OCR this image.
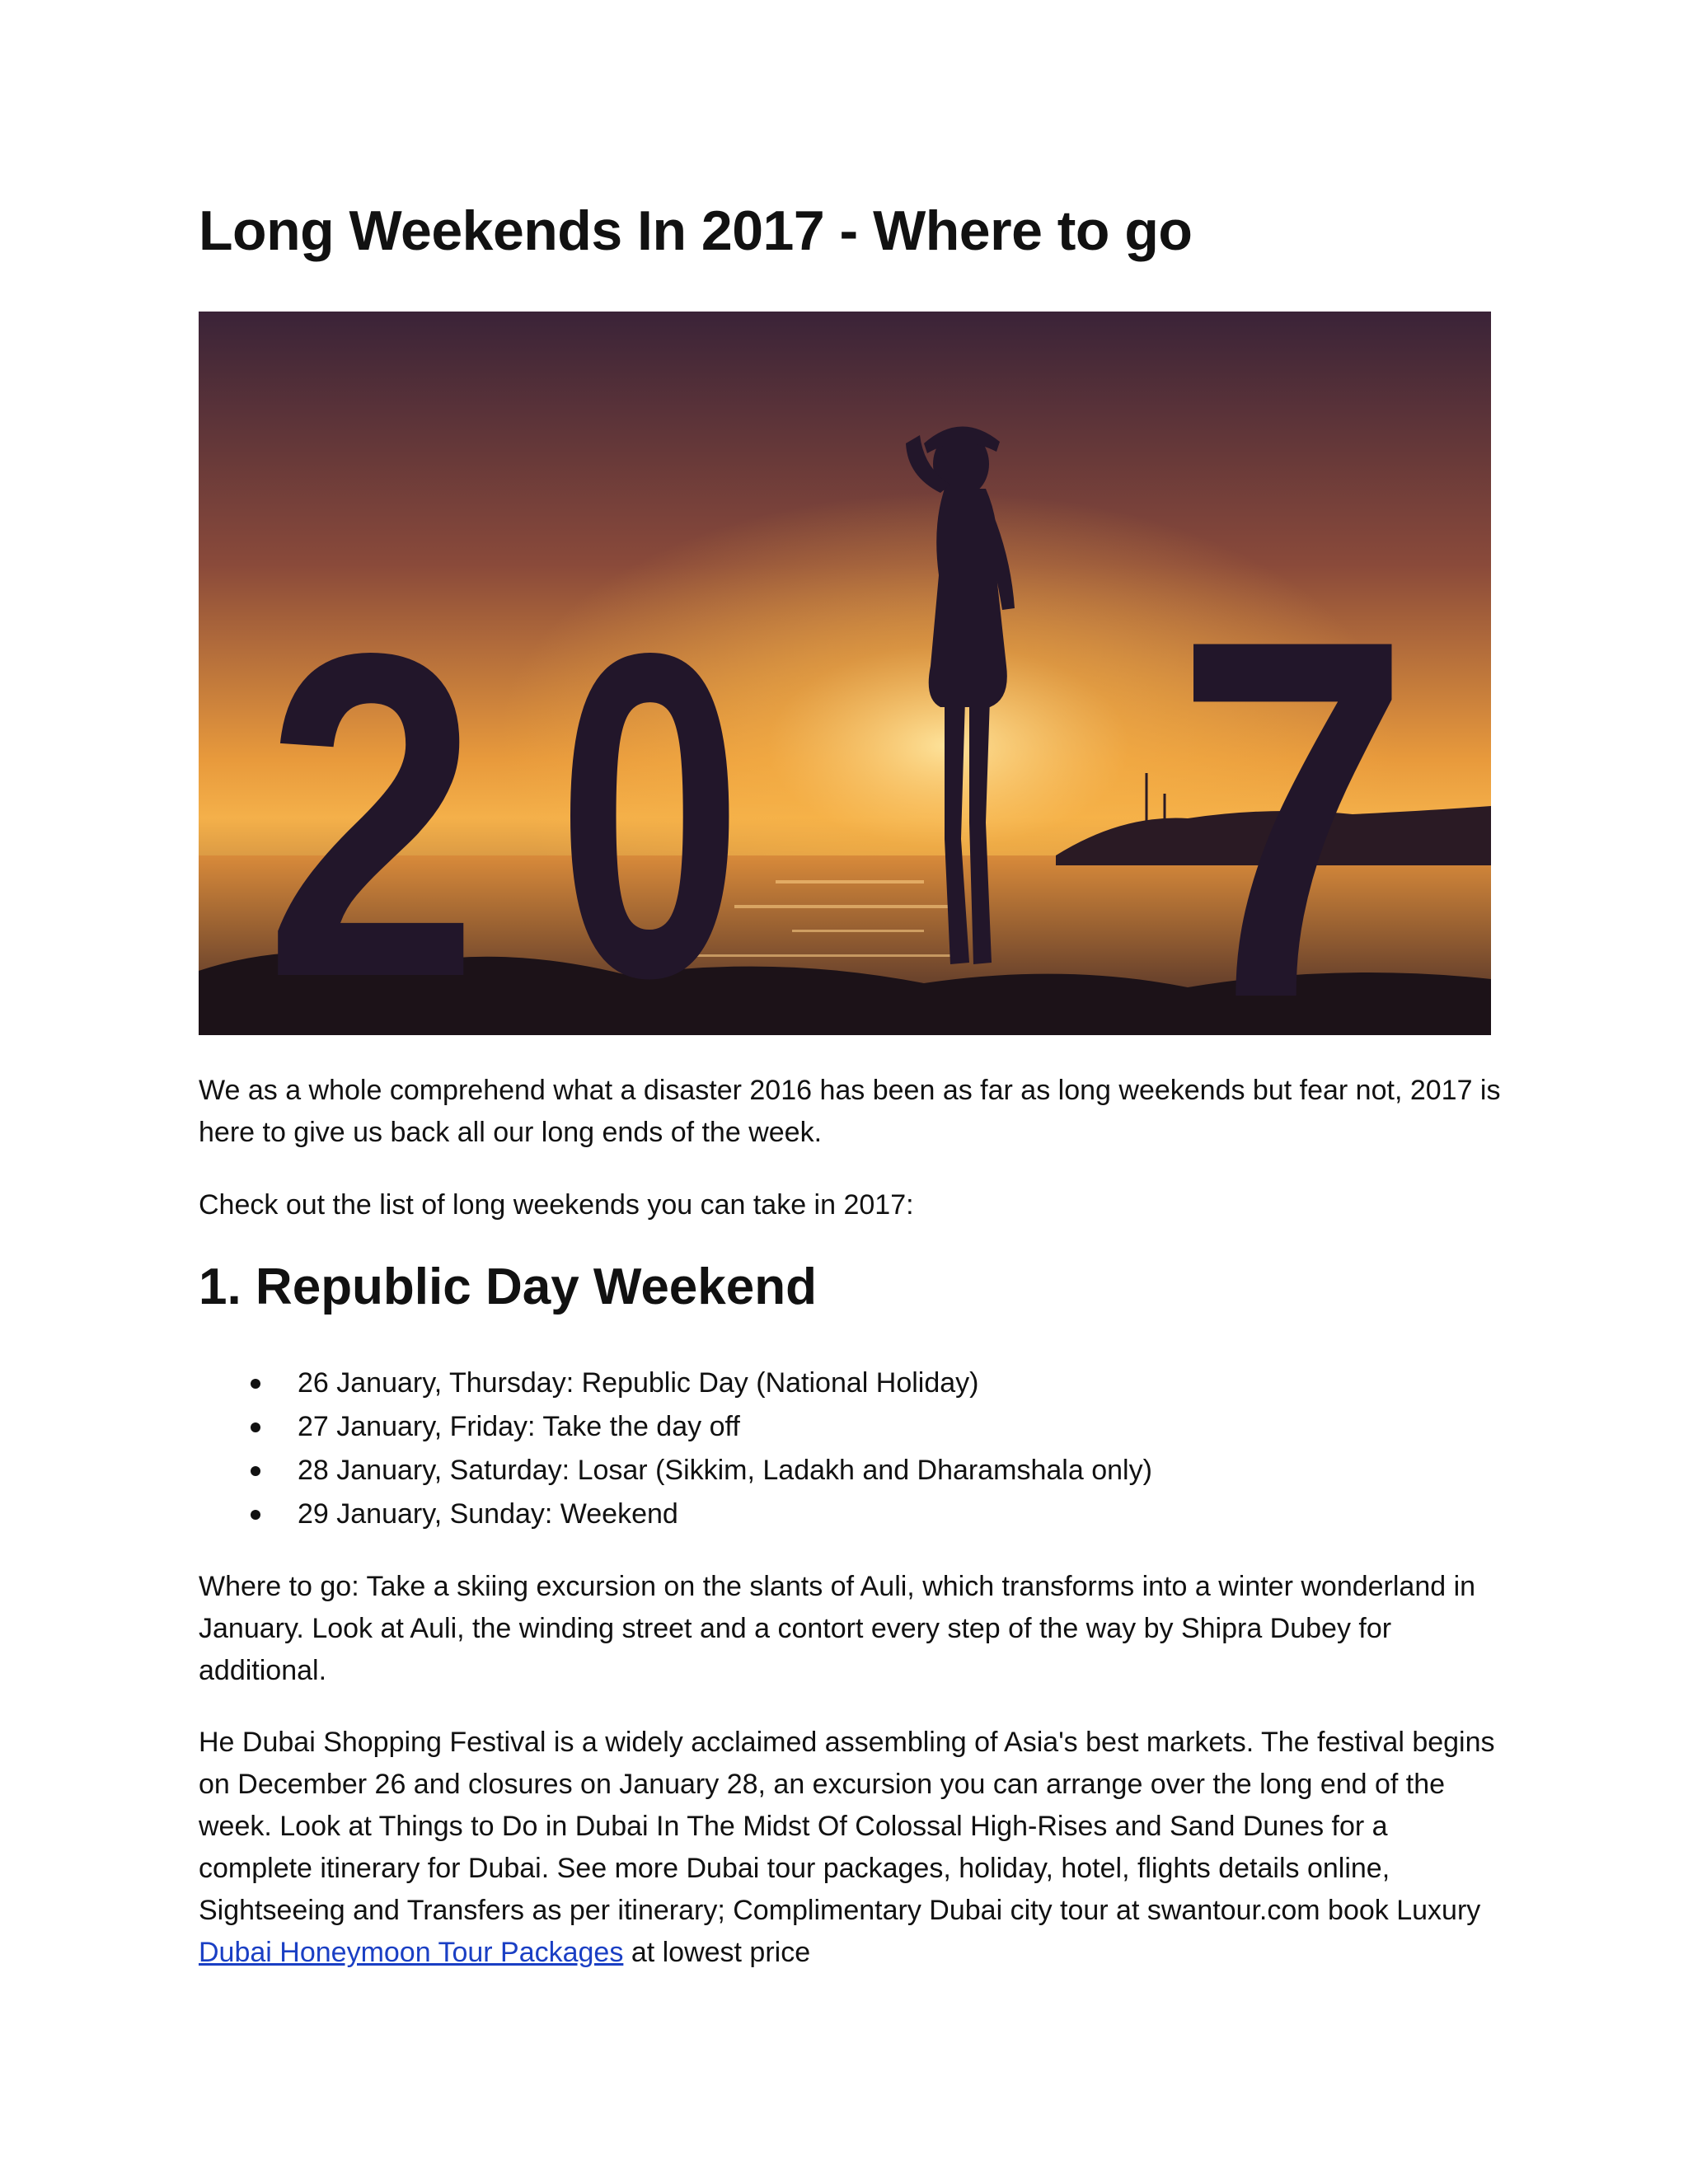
Long Weekends In 2017 - Where to go
2 0 7

We as a whole comprehend what a disaster 2016 has been as far as long weekends but fear not, 2017 is here to give us back all our long ends of the week.

Check out the list of long weekends you can take in 2017:

1. Republic Day Weekend
26 January, Thursday: Republic Day (National Holiday)
27 January, Friday: Take the day off
28 January, Saturday: Losar (Sikkim, Ladakh and Dharamshala only)
29 January, Sunday: Weekend

Where to go: Take a skiing excursion on the slants of Auli, which transforms into a winter wonderland in January. Look at Auli, the winding street and a contort every step of the way by Shipra Dubey for additional.

He Dubai Shopping Festival is a widely acclaimed assembling of Asia's best markets. The festival begins on December 26 and closures on January 28, an excursion you can arrange over the long end of the week. Look at Things to Do in Dubai In The Midst Of Colossal High-Rises and Sand Dunes for a complete itinerary for Dubai. See more Dubai tour packages, holiday, hotel, flights details online, Sightseeing and Transfers as per itinerary; Complimentary Dubai city tour at swantour.com book Luxury Dubai Honeymoon Tour Packages at lowest price
